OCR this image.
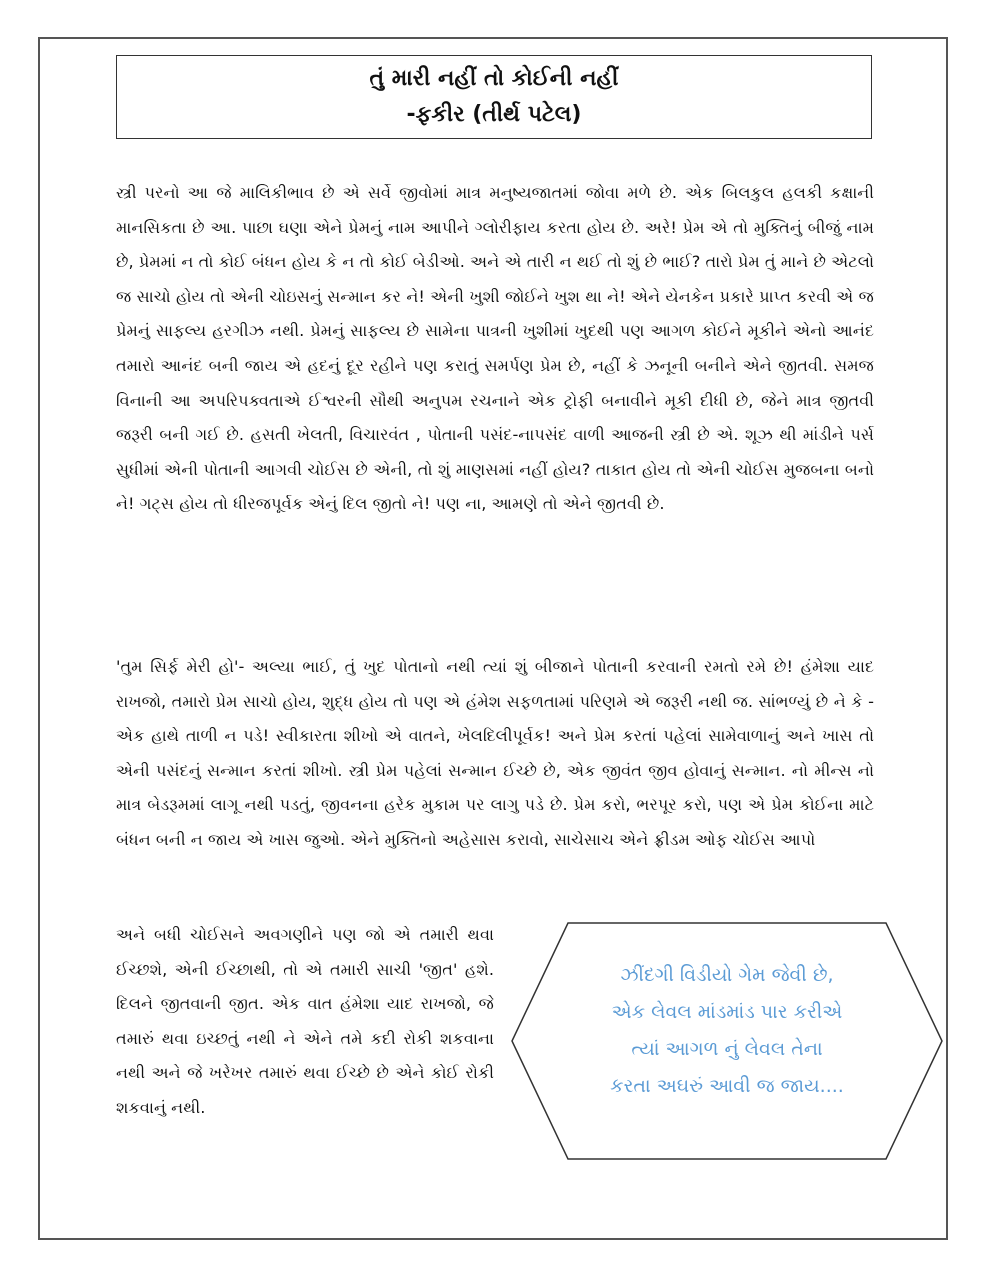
તું મારી નહીં તો કોઈની નહીં
-ફકીર (તીર્થ પટેલ)

સ્ત્રી પરનો આ જે માલિકીભાવ છે એ સર્વે જીવોમાં માત્ર મનુષ્યજાતમાં જોવા મળે છે. એક બિલકુલ હલકી કક્ષાની માનસિકતા છે આ. પાછા ઘણા એને પ્રેમનું નામ આપીને ગ્લોરીફાય કરતા હોય છે. અરે! પ્રેમ એ તો મુક્તિનું બીજું નામ છે, પ્રેમમાં ન તો કોઈ બંધન હોય કે ન તો કોઈ બેડીઓ. અને એ તારી ન થઈ તો શું છે ભાઈ? તારો પ્રેમ તું માને છે એટલો જ સાચો હોય તો એની ચોઇસનું સન્માન કર ને! એની ખુશી જોઈને ખુશ થા ને! એને યેનકેન પ્રકારે પ્રાપ્ત કરવી એ જ પ્રેમનું સાફલ્ય હરગીઝ નથી. પ્રેમનું સાફલ્ય છે સામેના પાત્રની ખુશીમાં ખુદથી પણ આગળ કોઈને મૂકીને એનો આનંદ તમારો આનંદ બની જાય એ હદનું દૂર રહીને પણ કરાતું સમર્પણ પ્રેમ છે, નહીં કે ઝનૂની બનીને એને જીતવી. સમજ વિનાની આ અપરિપક્વતાએ ઈશ્વરની સૌથી અનુપમ રચનાને એક ટ્રોફી બનાવીને મૂકી દીધી છે, જેને માત્ર જીતવી જરૂરી બની ગઈ છે. હસતી ખેલતી, વિચારવંત , પોતાની પસંદ-નાપસંદ વાળી આજની સ્ત્રી છે એ. શૂઝ થી માંડીને પર્સ સુધીમાં એની પોતાની આગવી ચોઈસ છે એની, તો શું માણસમાં નહીં હોય? તાકાત હોય તો એની ચોઈસ મુજબના બનો ને! ગટ્સ હોય તો ધીરજપૂર્વક એનું દિલ જીતો ને! પણ ના, આમણે તો એને જીતવી છે.

'તુમ સિર્ફ મેરી હો'- અલ્યા ભાઈ, તું ખુદ પોતાનો નથી ત્યાં શું બીજાને પોતાની કરવાની રમતો રમે છે! હંમેશા યાદ રાખજો, તમારો પ્રેમ સાચો હોય, શુદ્ધ હોય તો પણ એ હંમેશ સફળતામાં પરિણમે એ જરૂરી નથી જ. સાંભળ્યું છે ને કે - એક હાથે તાળી ન પડે! સ્વીકારતા શીખો એ વાતને, ખેલદિલીપૂર્વક! અને પ્રેમ કરતાં પહેલાં સામેવાળાનું અને ખાસ તો એની પસંદનું સન્માન કરતાં શીખો. સ્ત્રી પ્રેમ પહેલાં સન્માન ઈચ્છે છે, એક જીવંત જીવ હોવાનું સન્માન. નો મીન્સ નો માત્ર બેડરૂમમાં લાગૂ નથી પડતું, જીવનના હરેક મુકામ પર લાગુ પડે છે. પ્રેમ કરો, ભરપૂર કરો, પણ એ પ્રેમ કોઈના માટે બંધન બની ન જાય એ ખાસ જુઓ. એને મુક્તિનો અહેસાસ કરાવો, સાચેસાચ એને ફ્રીડમ ઓફ ચોઈસ આપો

અને બધી ચોઈસને અવગણીને પણ જો એ તમારી થવા ઈચ્છશે, એની ઈચ્છાથી, તો એ તમારી સાચી 'જીત' હશે. દિલને જીતવાની જીત. એક વાત હંમેશા યાદ રાખજો, જે તમારું થવા ઇચ્છતું નથી ને એને તમે કદી રોકી શકવાના નથી અને જે ખરેખર તમારું થવા ઈચ્છે છે એને કોઈ રોકી શકવાનું નથી.

ઝીંદગી વિડીયો ગેમ જેવી છે,
એક લેવલ માંડમાંડ પાર કરીએ
ત્યાં આગળ નું લેવલ તેના
કરતા અઘરું આવી જ જાય....
